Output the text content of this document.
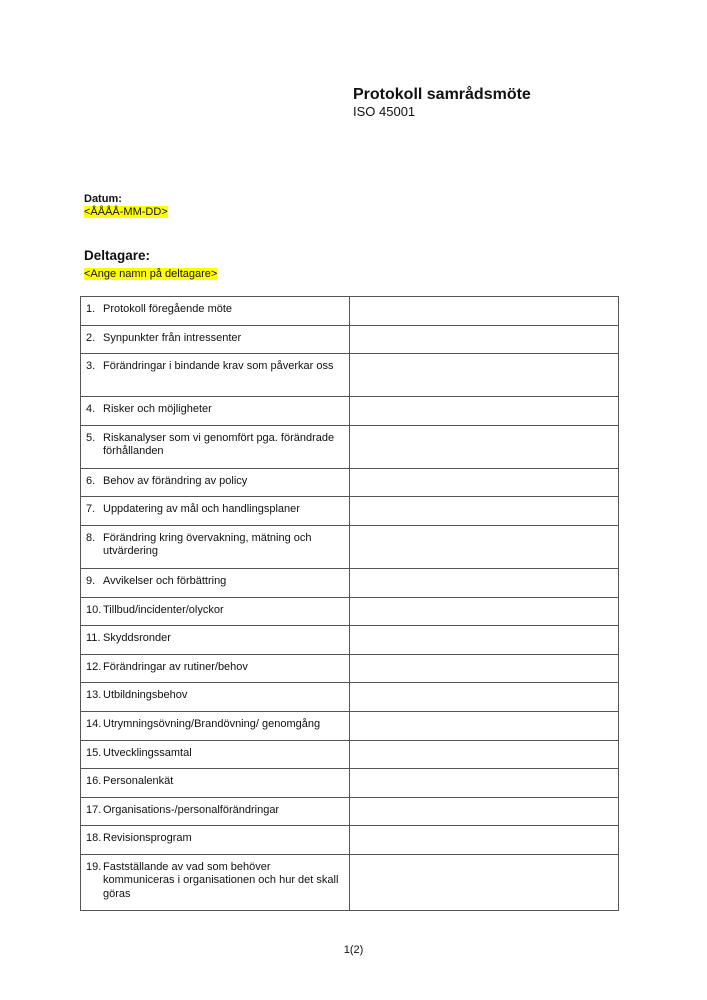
Protokoll samrådsmöte
ISO 45001
Datum:
<ÅÅÅÅ-MM-DD>
Deltagare:
<Ange namn på deltagare>
1. Protokoll föregående möte	

2. Synpunkter från intressenter	

3. Förändringar i bindande krav som påverkar oss	

4. Risker och möjligheter	

5. Riskanalyser som vi genomfört pga. förändrade förhållanden	

6. Behov av förändring av policy	

7. Uppdatering av mål och handlingsplaner	

8. Förändring kring övervakning, mätning och utvärdering	

9. Avvikelser och förbättring	

10. Tillbud/incidenter/olyckor	

11. Skyddsronder	

12. Förändringar av rutiner/behov	

13. Utbildningsbehov	

14. Utrymningsövning/Brandövning/ genomgång	

15. Utvecklingssamtal	

16. Personalenkät	

17. Organisations-/personalförändringar	

18. Revisionsprogram	

19. Fastställande av vad som behöver kommuniceras i organisationen och hur det skall göras	

1(2)
